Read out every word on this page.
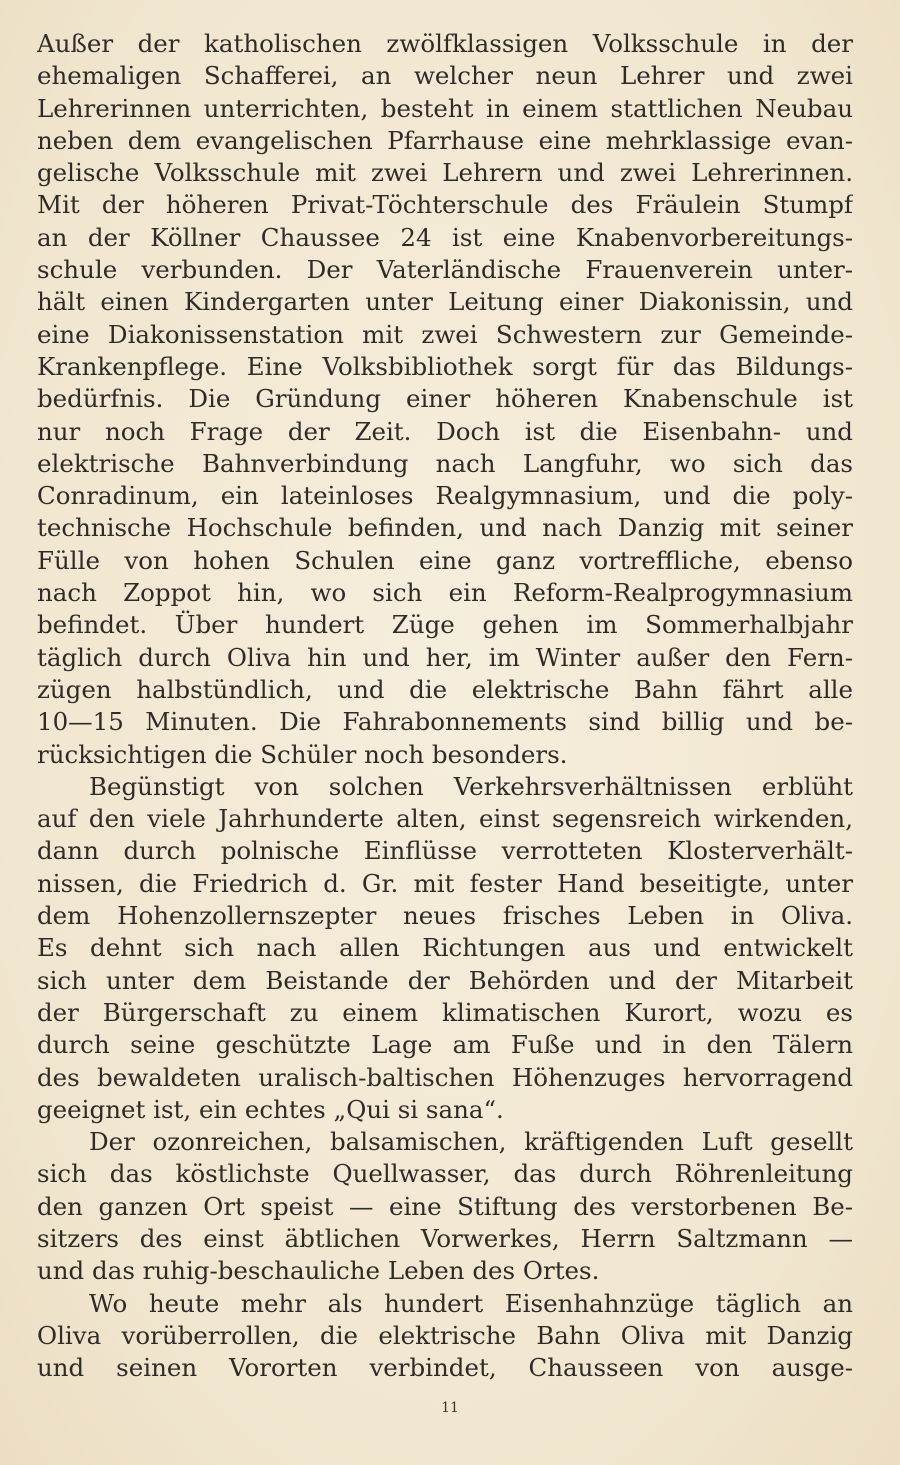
Außer der katholischen zwölfklassigen Volksschule in der
ehemaligen Schafferei, an welcher neun Lehrer und zwei
Lehrerinnen unterrichten, besteht in einem stattlichen Neubau
neben dem evangelischen Pfarrhause eine mehrklassige evan-
gelische Volksschule mit zwei Lehrern und zwei Lehrerinnen.
Mit der höheren Privat-Töchterschule des Fräulein Stumpf
an der Köllner Chaussee 24 ist eine Knabenvorbereitungs-
schule verbunden. Der Vaterländische Frauenverein unter-
hält einen Kindergarten unter Leitung einer Diakonissin, und
eine Diakonissenstation mit zwei Schwestern zur Gemeinde-
Krankenpflege. Eine Volksbibliothek sorgt für das Bildungs-
bedürfnis. Die Gründung einer höheren Knabenschule ist
nur noch Frage der Zeit. Doch ist die Eisenbahn- und
elektrische Bahnverbindung nach Langfuhr, wo sich das
Conradinum, ein lateinloses Realgymnasium, und die poly-
technische Hochschule befinden, und nach Danzig mit seiner
Fülle von hohen Schulen eine ganz vortreffliche, ebenso
nach Zoppot hin, wo sich ein Reform-Realprogymnasium
befindet. Über hundert Züge gehen im Sommerhalbjahr
täglich durch Oliva hin und her, im Winter außer den Fern-
zügen halbstündlich, und die elektrische Bahn fährt alle
10—15 Minuten. Die Fahrabonnements sind billig und be-
rücksichtigen die Schüler noch besonders.
Begünstigt von solchen Verkehrsverhältnissen erblüht
auf den viele Jahrhunderte alten, einst segensreich wirkenden,
dann durch polnische Einflüsse verrotteten Klosterverhält-
nissen, die Friedrich d. Gr. mit fester Hand beseitigte, unter
dem Hohenzollernszepter neues frisches Leben in Oliva.
Es dehnt sich nach allen Richtungen aus und entwickelt
sich unter dem Beistande der Behörden und der Mitarbeit
der Bürgerschaft zu einem klimatischen Kurort, wozu es
durch seine geschützte Lage am Fuße und in den Tälern
des bewaldeten uralisch-baltischen Höhenzuges hervorragend
geeignet ist, ein echtes „Qui si sana“.
Der ozonreichen, balsamischen, kräftigenden Luft gesellt
sich das köstlichste Quellwasser, das durch Röhrenleitung
den ganzen Ort speist — eine Stiftung des verstorbenen Be-
sitzers des einst äbtlichen Vorwerkes, Herrn Saltzmann —
und das ruhig-beschauliche Leben des Ortes.
Wo heute mehr als hundert Eisenhahnzüge täglich an
Oliva vorüberrollen, die elektrische Bahn Oliva mit Danzig
und seinen Vororten verbindet, Chausseen von ausge-
11
